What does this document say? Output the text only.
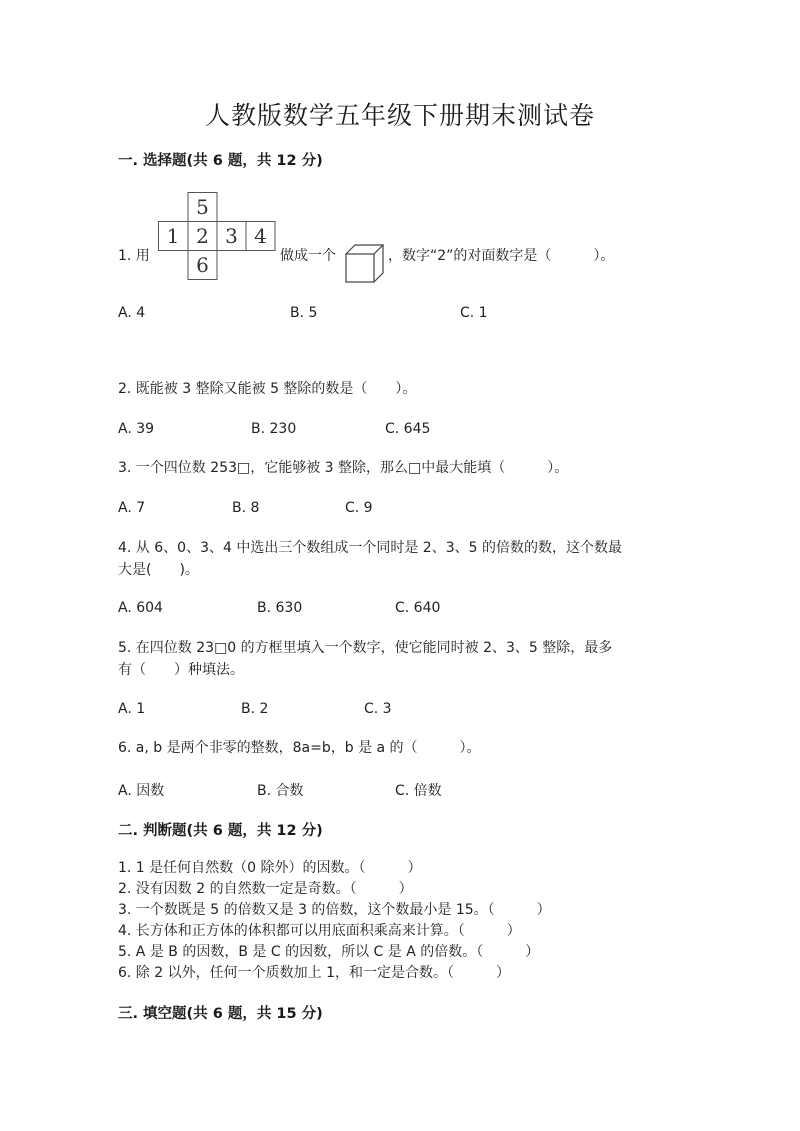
人教版数学五年级下册期末测试卷
一. 选择题(共 6 题，共 12 分)
1. 用
5
1 2 3 4
6	做成一个	，数字“2”的对面数字是（　　　）。
A. 4	B. 5	C. 1
2. 既能被 3 整除又能被 5 整除的数是（　　）。
A. 39	B. 230	C. 645
3. 一个四位数 253□，它能够被 3 整除，那么□中最大能填（　　　）。
A. 7	B. 8	C. 9
4. 从 6、0、3、4 中选出三个数组成一个同时是 2、3、5 的倍数的数，这个数最
大是(　　)。
A. 604	B. 630	C. 640
5. 在四位数 23□0 的方框里填入一个数字，使它能同时被 2、3、5 整除，最多
有（　　）种填法。
A. 1	B. 2	C. 3
6. a, b 是两个非零的整数，8a=b，b 是 a 的（　　　）。
A. 因数	B. 合数	C. 倍数
二. 判断题(共 6 题，共 12 分)
1. 1 是任何自然数（0 除外）的因数。（　　　）
2. 没有因数 2 的自然数一定是奇数。（　　　）
3. 一个数既是 5 的倍数又是 3 的倍数，这个数最小是 15。（　　　）
4. 长方体和正方体的体积都可以用底面积乘高来计算。（　　　）
5. A 是 B 的因数，B 是 C 的因数，所以 C 是 A 的倍数。（　　　）
6. 除 2 以外，任何一个质数加上 1，和一定是合数。（　　　）
三. 填空题(共 6 题，共 15 分)
